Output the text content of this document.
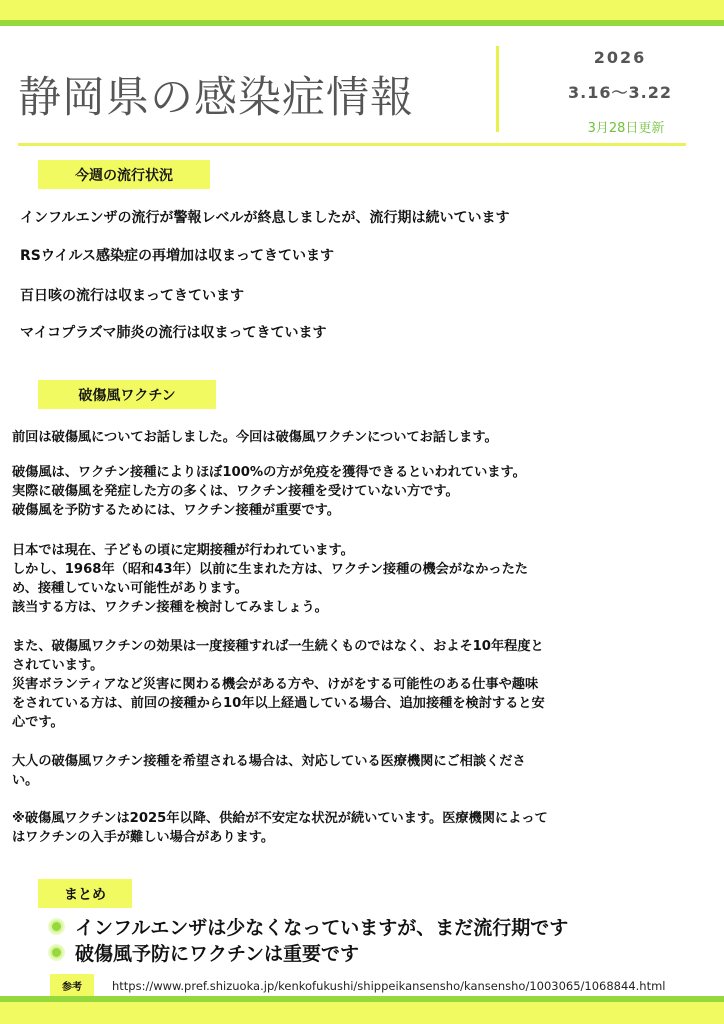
静岡県の感染症情報
2026
3.16～3.22
3月28日更新
今週の流行状況
インフルエンザの流行が警報レベルが終息しましたが、流行期は続いています
RSウイルス感染症の再増加は収まってきています
百日咳の流行は収まってきています
マイコプラズマ肺炎の流行は収まってきています
破傷風ワクチン
前回は破傷風についてお話しました。今回は破傷風ワクチンについてお話します。
破傷風は、ワクチン接種によりほぼ100%の方が免疫を獲得できるといわれています。
実際に破傷風を発症した方の多くは、ワクチン接種を受けていない方です。
破傷風を予防するためには、ワクチン接種が重要です。
日本では現在、子どもの頃に定期接種が行われています。
しかし、1968年（昭和43年）以前に生まれた方は、ワクチン接種の機会がなかったた
め、接種していない可能性があります。
該当する方は、ワクチン接種を検討してみましょう。
また、破傷風ワクチンの効果は一度接種すれば一生続くものではなく、およそ10年程度と
されています。
災害ボランティアなど災害に関わる機会がある方や、けがをする可能性のある仕事や趣味
をされている方は、前回の接種から10年以上経過している場合、追加接種を検討すると安
心です。
大人の破傷風ワクチン接種を希望される場合は、対応している医療機関にご相談くださ
い。
※破傷風ワクチンは2025年以降、供給が不安定な状況が続いています。医療機関によって
はワクチンの入手が難しい場合があります。
まとめ
インフルエンザは少なくなっていますが、まだ流行期です
破傷風予防にワクチンは重要です
参考	https://www.pref.shizuoka.jp/kenkofukushi/shippeikansensho/kansensho/1003065/1068844.html
